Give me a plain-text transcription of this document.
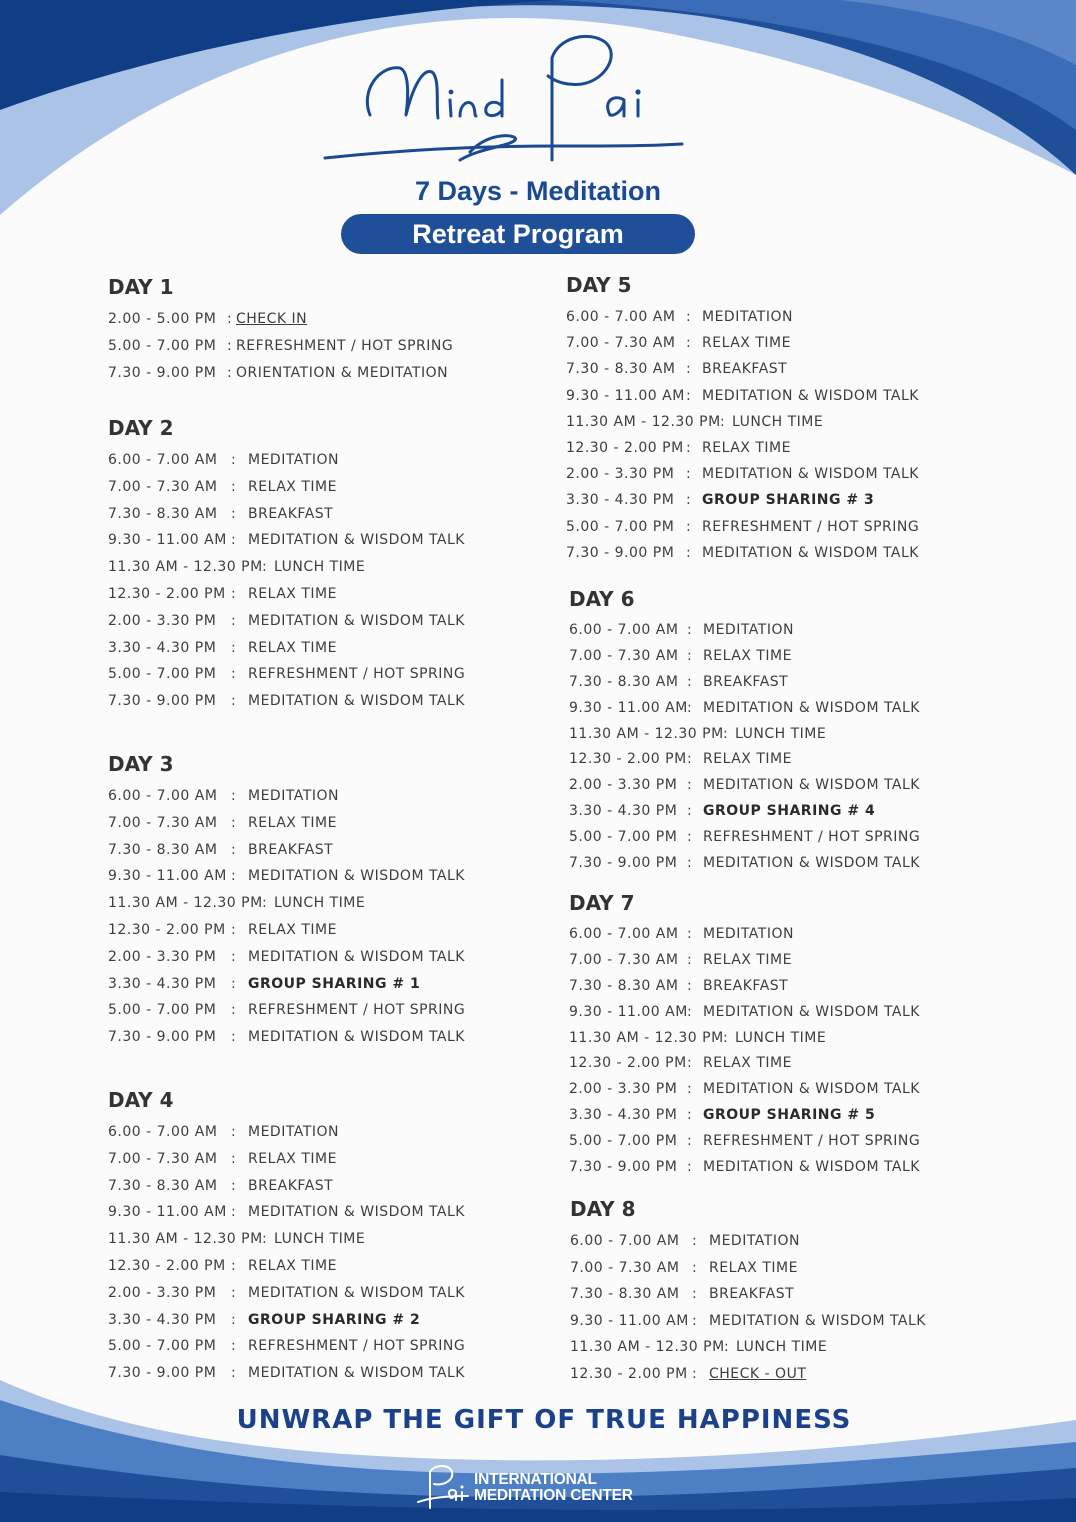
7 Days - Meditation
Retreat Program
DAY 1
2.00 - 5.00 PM : CHECK IN
5.00 - 7.00 PM : REFRESHMENT / HOT SPRING
7.30 - 9.00 PM : ORIENTATION & MEDITATION
DAY 2
6.00 - 7.00 AM : MEDITATION
7.00 - 7.30 AM : RELAX TIME
7.30 - 8.30 AM : BREAKFAST
9.30 - 11.00 AM : MEDITATION & WISDOM TALK
11.30 AM - 12.30 PM : LUNCH TIME
12.30 - 2.00 PM : RELAX TIME
2.00 - 3.30 PM : MEDITATION & WISDOM TALK
3.30 - 4.30 PM : RELAX TIME
5.00 - 7.00 PM : REFRESHMENT / HOT SPRING
7.30 - 9.00 PM : MEDITATION & WISDOM TALK
DAY 3
6.00 - 7.00 AM : MEDITATION
7.00 - 7.30 AM : RELAX TIME
7.30 - 8.30 AM : BREAKFAST
9.30 - 11.00 AM : MEDITATION & WISDOM TALK
11.30 AM - 12.30 PM : LUNCH TIME
12.30 - 2.00 PM : RELAX TIME
2.00 - 3.30 PM : MEDITATION & WISDOM TALK
3.30 - 4.30 PM : GROUP SHARING # 1
5.00 - 7.00 PM : REFRESHMENT / HOT SPRING
7.30 - 9.00 PM : MEDITATION & WISDOM TALK
DAY 4
6.00 - 7.00 AM : MEDITATION
7.00 - 7.30 AM : RELAX TIME
7.30 - 8.30 AM : BREAKFAST
9.30 - 11.00 AM : MEDITATION & WISDOM TALK
11.30 AM - 12.30 PM : LUNCH TIME
12.30 - 2.00 PM : RELAX TIME
2.00 - 3.30 PM : MEDITATION & WISDOM TALK
3.30 - 4.30 PM : GROUP SHARING # 2
5.00 - 7.00 PM : REFRESHMENT / HOT SPRING
7.30 - 9.00 PM : MEDITATION & WISDOM TALK
DAY 5
6.00 - 7.00 AM : MEDITATION
7.00 - 7.30 AM : RELAX TIME
7.30 - 8.30 AM : BREAKFAST
9.30 - 11.00 AM : MEDITATION & WISDOM TALK
11.30 AM - 12.30 PM : LUNCH TIME
12.30 - 2.00 PM : RELAX TIME
2.00 - 3.30 PM : MEDITATION & WISDOM TALK
3.30 - 4.30 PM : GROUP SHARING # 3
5.00 - 7.00 PM : REFRESHMENT / HOT SPRING
7.30 - 9.00 PM : MEDITATION & WISDOM TALK
DAY 6
6.00 - 7.00 AM : MEDITATION
7.00 - 7.30 AM : RELAX TIME
7.30 - 8.30 AM : BREAKFAST
9.30 - 11.00 AM : MEDITATION & WISDOM TALK
11.30 AM - 12.30 PM : LUNCH TIME
12.30 - 2.00 PM : RELAX TIME
2.00 - 3.30 PM : MEDITATION & WISDOM TALK
3.30 - 4.30 PM : GROUP SHARING # 4
5.00 - 7.00 PM : REFRESHMENT / HOT SPRING
7.30 - 9.00 PM : MEDITATION & WISDOM TALK
DAY 7
6.00 - 7.00 AM : MEDITATION
7.00 - 7.30 AM : RELAX TIME
7.30 - 8.30 AM : BREAKFAST
9.30 - 11.00 AM : MEDITATION & WISDOM TALK
11.30 AM - 12.30 PM : LUNCH TIME
12.30 - 2.00 PM : RELAX TIME
2.00 - 3.30 PM : MEDITATION & WISDOM TALK
3.30 - 4.30 PM : GROUP SHARING # 5
5.00 - 7.00 PM : REFRESHMENT / HOT SPRING
7.30 - 9.00 PM : MEDITATION & WISDOM TALK
DAY 8
6.00 - 7.00 AM : MEDITATION
7.00 - 7.30 AM : RELAX TIME
7.30 - 8.30 AM : BREAKFAST
9.30 - 11.00 AM : MEDITATION & WISDOM TALK
11.30 AM - 12.30 PM : LUNCH TIME
12.30 - 2.00 PM : CHECK - OUT
UNWRAP THE GIFT OF TRUE HAPPINESS
INTERNATIONAL
MEDITATION CENTER
